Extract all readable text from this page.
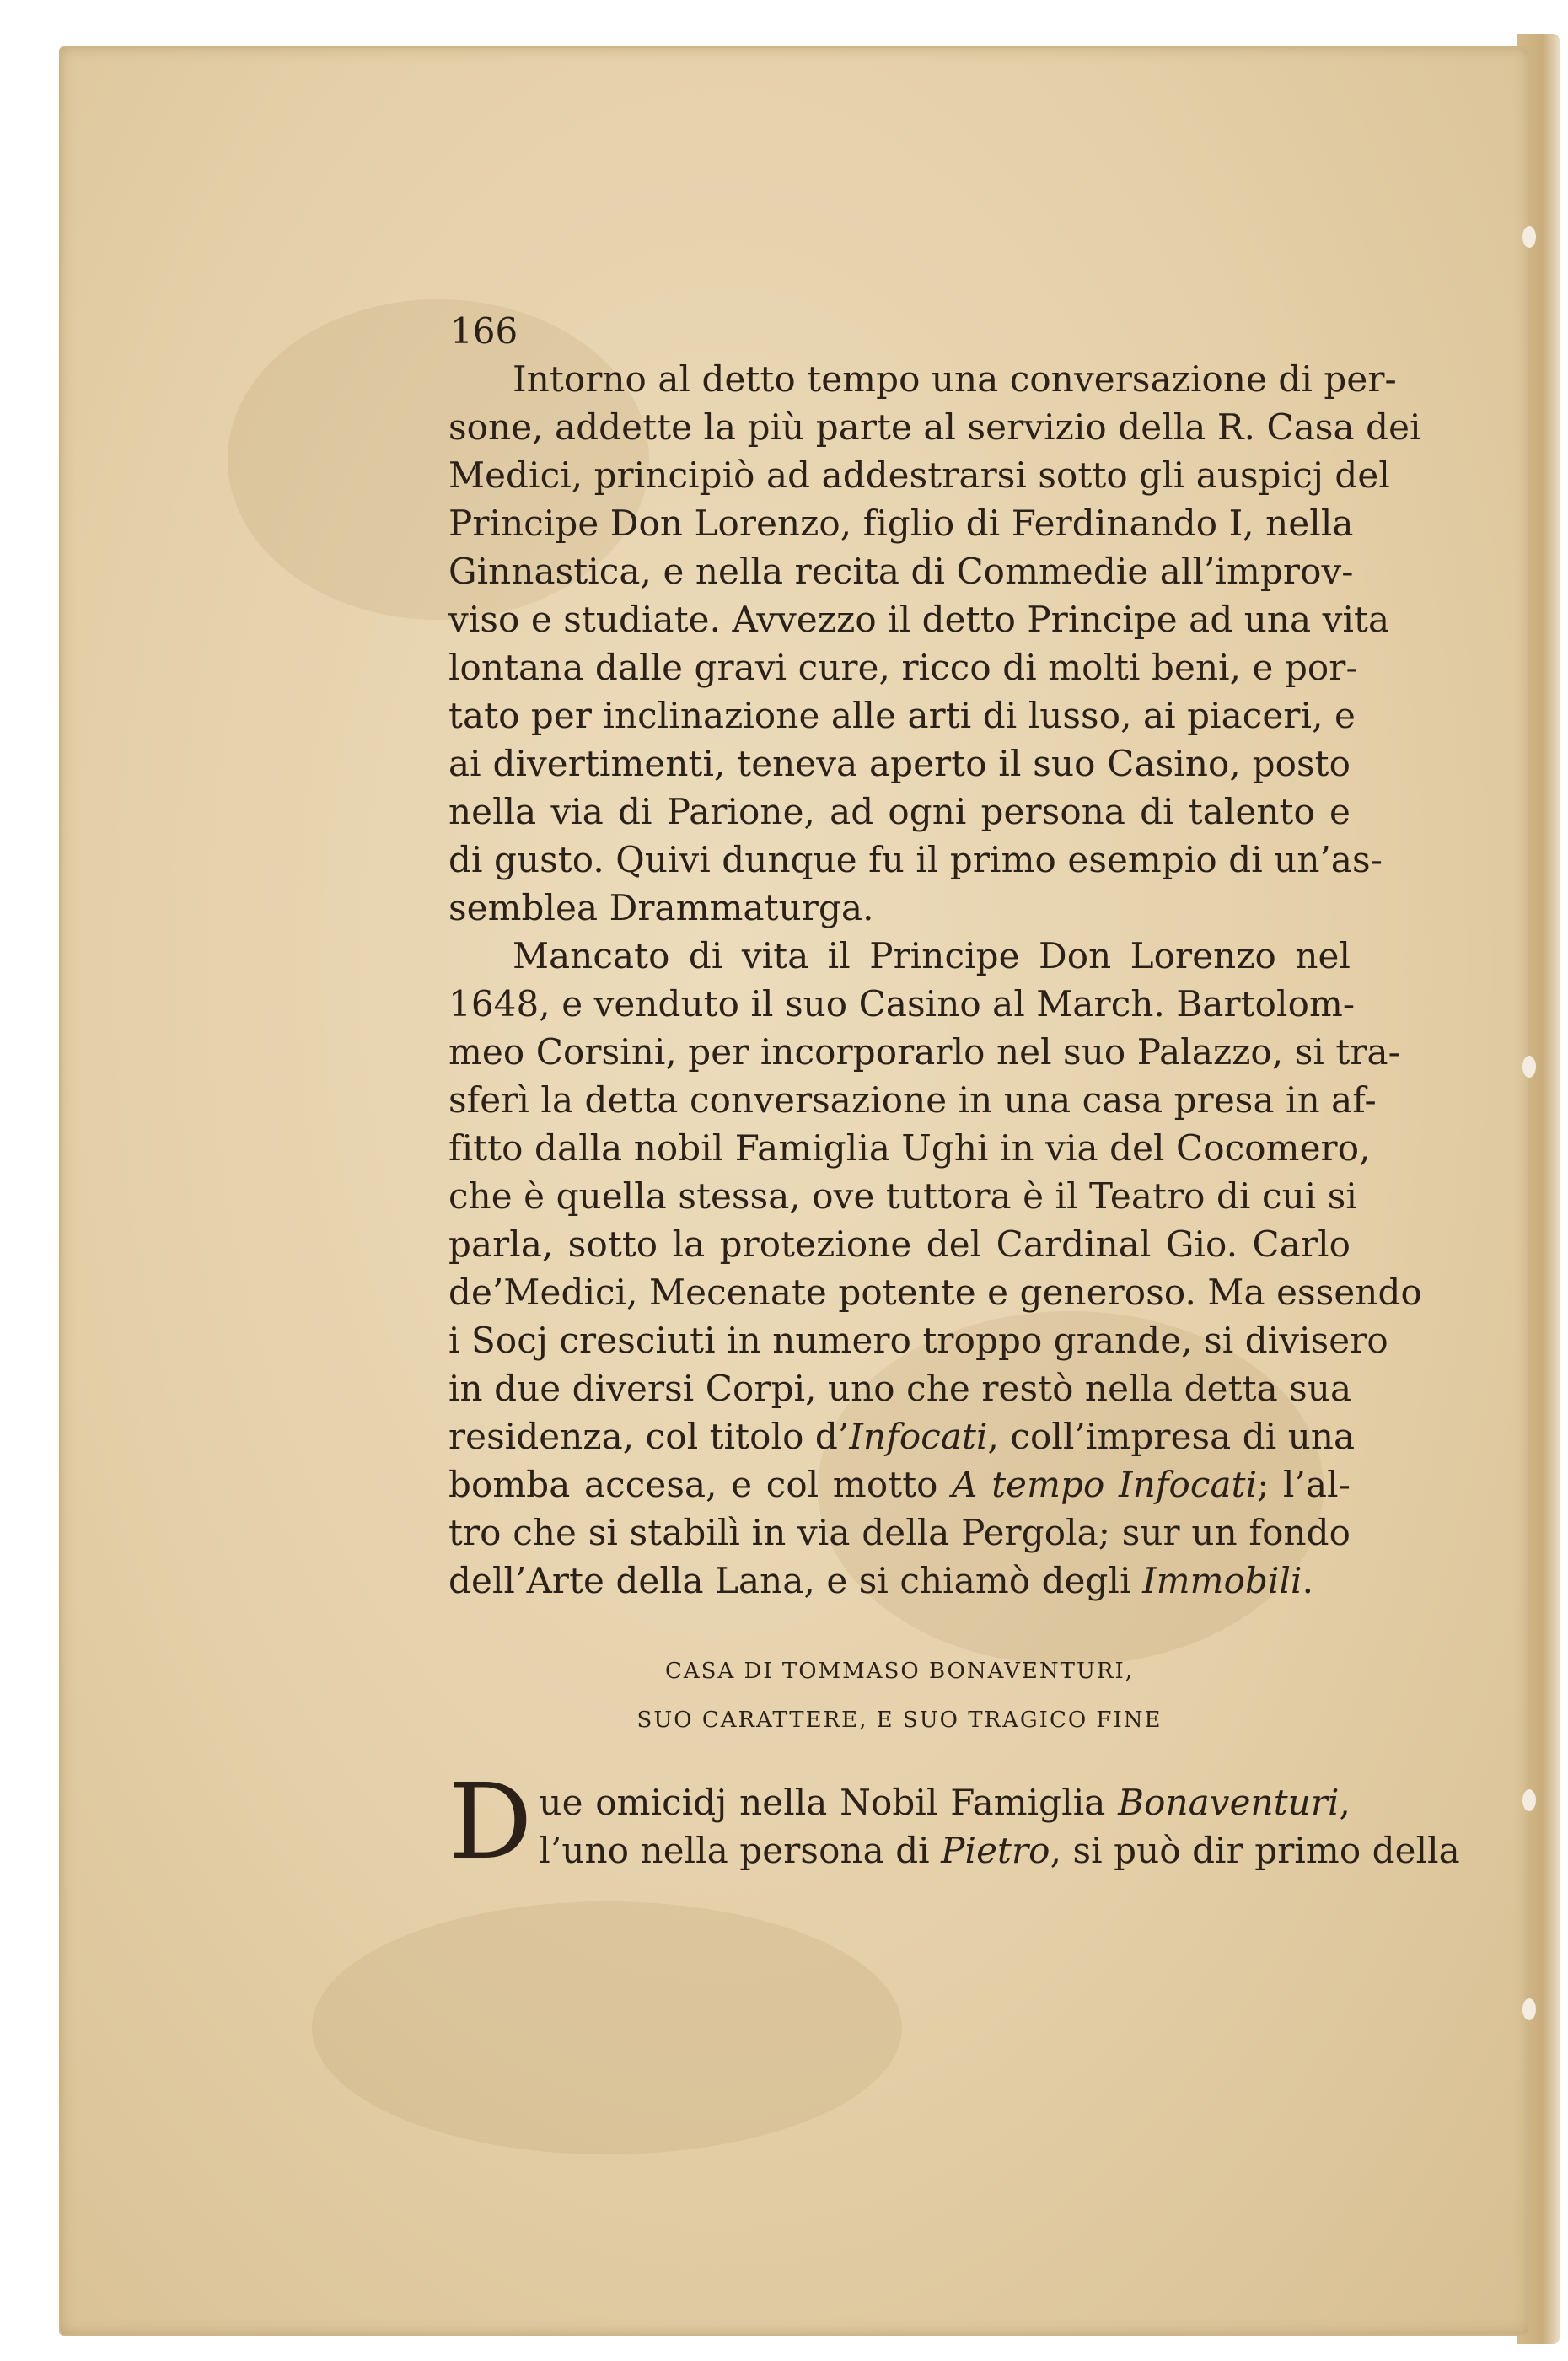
166
Intorno al detto tempo una conversazione di per-
sone, addette la più parte al servizio della R. Casa dei
Medici, principiò ad addestrarsi sotto gli auspicj del
Principe Don Lorenzo, figlio di Ferdinando I, nella
Ginnastica, e nella recita di Commedie all’improv-
viso e studiate. Avvezzo il detto Principe ad una vita
lontana dalle gravi cure, ricco di molti beni, e por-
tato per inclinazione alle arti di lusso, ai piaceri, e
ai divertimenti, teneva aperto il suo Casino, posto
nella via di Parione, ad ogni persona di talento e
di gusto. Quivi dunque fu il primo esempio di un’as-
semblea Drammaturga.
Mancato di vita il Principe Don Lorenzo nel
1648, e venduto il suo Casino al March. Bartolom-
meo Corsini, per incorporarlo nel suo Palazzo, si tra-
sferì la detta conversazione in una casa presa in af-
fitto dalla nobil Famiglia Ughi in via del Cocomero,
che è quella stessa, ove tuttora è il Teatro di cui si
parla, sotto la protezione del Cardinal Gio. Carlo
de’Medici, Mecenate potente e generoso. Ma essendo
i Socj cresciuti in numero troppo grande, si divisero
in due diversi Corpi, uno che restò nella detta sua
residenza, col titolo d’Infocati, coll’impresa di una
bomba accesa, e col motto A tempo Infocati; l’al-
tro che si stabilì in via della Pergola; sur un fondo
dell’Arte della Lana, e si chiamò degli Immobili.
CASA DI TOMMASO BONAVENTURI,
SUO CARATTERE, E SUO TRAGICO FINE
D ue omicidj nella Nobil Famiglia Bonaventuri,
l’uno nella persona di Pietro, si può dir primo della
